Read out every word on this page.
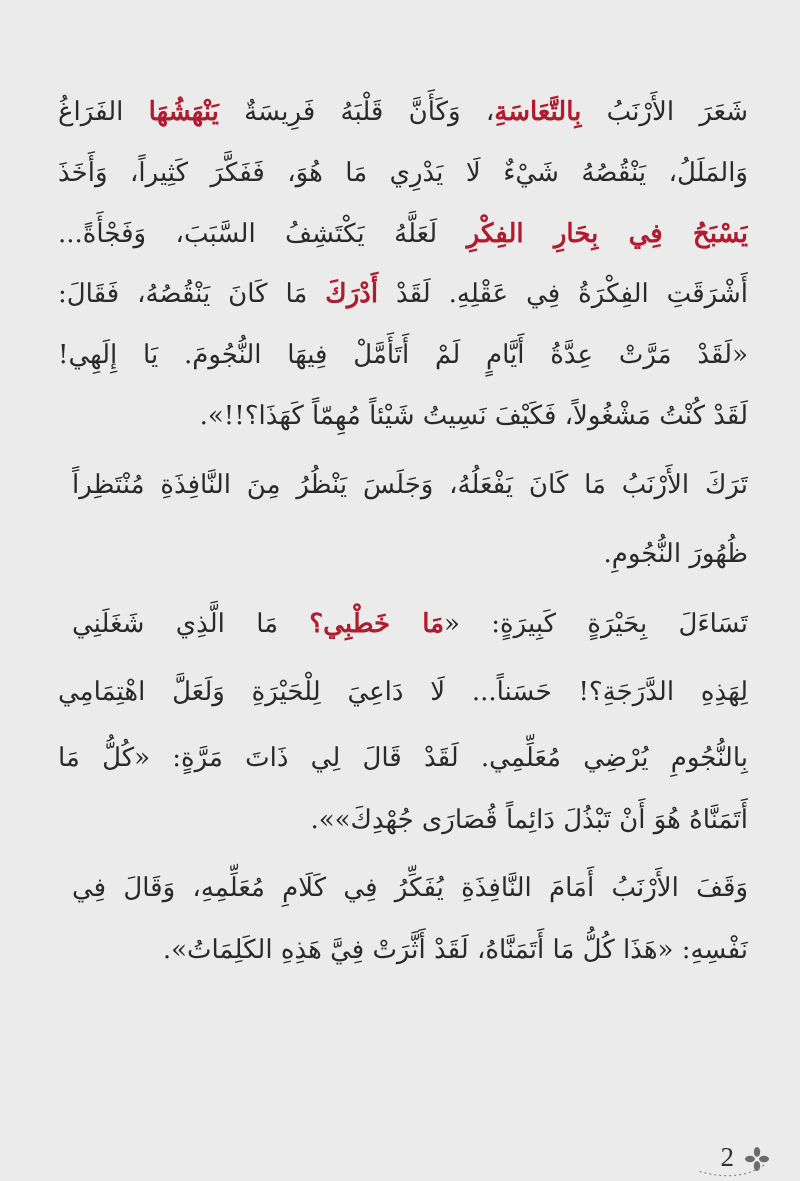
شَعَرَ الأَرْنَبُ بِالتَّعَاسَةِ، وَكَأَنَّ قَلْبَهُ فَرِيسَةٌ يَنْهَشُهَا الفَرَاغُ
وَالمَلَلُ، يَنْقُصُهُ شَيْءٌ لَا يَدْرِي مَا هُوَ، فَفَكَّرَ كَثِيراً، وَأَخَذَ
يَسْبَحُ فِي بِحَارِ الفِكْرِ لَعَلَّهُ يَكْتَشِفُ السَّبَبَ، وَفَجْأَةً...
أَشْرَقَتِ الفِكْرَةُ فِي عَقْلِهِ. لَقَدْ أَدْرَكَ مَا كَانَ يَنْقُصُهُ، فَقَالَ:
«لَقَدْ مَرَّتْ عِدَّةُ أَيَّامٍ لَمْ أَتَأَمَّلْ فِيهَا النُّجُومَ. يَا إِلَهِي!
لَقَدْ كُنْتُ مَشْغُولاً، فَكَيْفَ نَسِيتُ شَيْئاً مُهِمّاً كَهَذَا؟!!».
تَرَكَ الأَرْنَبُ مَا كَانَ يَفْعَلُهُ، وَجَلَسَ يَنْظُرُ مِنَ النَّافِذَةِ مُنْتَظِراً
ظُهُورَ النُّجُومِ.
تَسَاءَلَ بِحَيْرَةٍ كَبِيرَةٍ: «مَا خَطْبِي؟ مَا الَّذِي شَغَلَنِي
لِهَذِهِ الدَّرَجَةِ؟! حَسَناً... لَا دَاعِيَ لِلْحَيْرَةِ وَلَعَلَّ اهْتِمَامِي
بِالنُّجُومِ يُرْضِي مُعَلِّمِي. لَقَدْ قَالَ لِي ذَاتَ مَرَّةٍ: «كُلُّ مَا
أَتَمَنَّاهُ هُوَ أَنْ تَبْذُلَ دَائِماً قُصَارَى جُهْدِكَ»».
وَقَفَ الأَرْنَبُ أَمَامَ النَّافِذَةِ يُفَكِّرُ فِي كَلَامِ مُعَلِّمِهِ، وَقَالَ فِي
نَفْسِهِ: «هَذَا كُلُّ مَا أَتَمَنَّاهُ، لَقَدْ أَثَّرَتْ فِيَّ هَذِهِ الكَلِمَاتُ».
2
